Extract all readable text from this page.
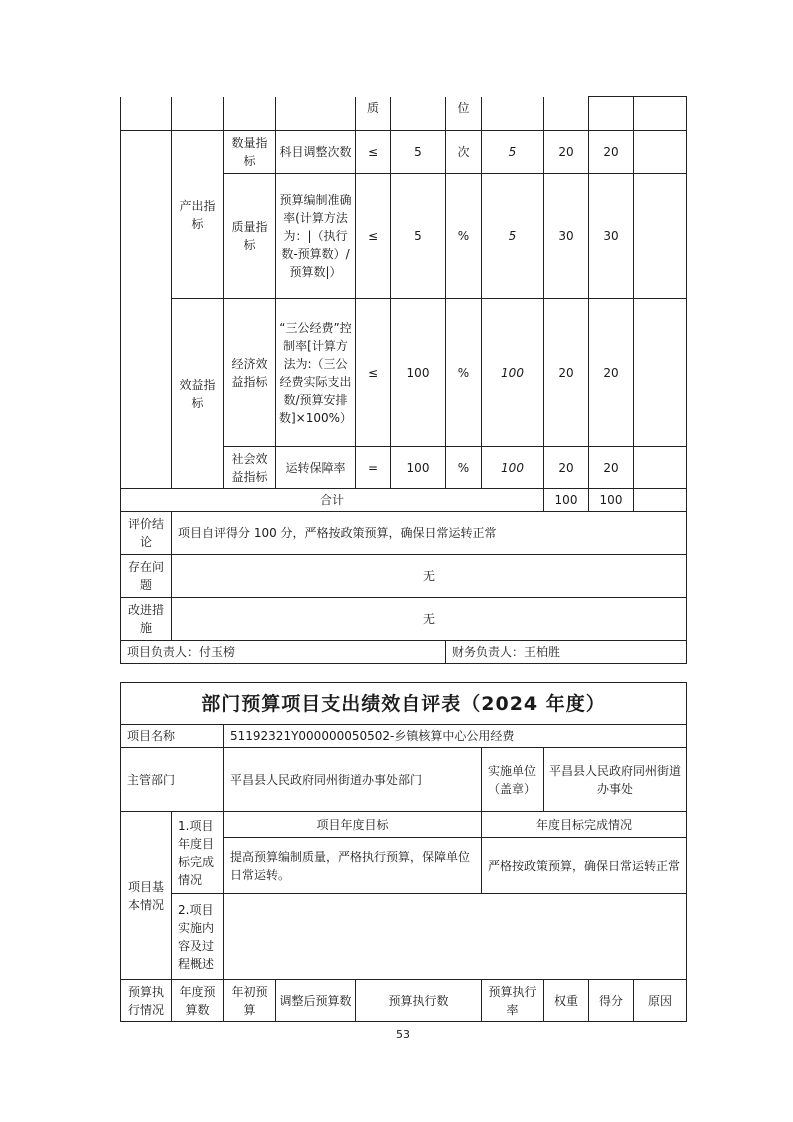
				质		位				
	产出指标	数量指标	科目调整次数	≤	5	次	5	20	20	
		质量指标	预算编制准确率(计算方法为：|（执行数-预算数）/预算数|）	≤	5	%	5	30	30	
	效益指标	经济效益指标	“三公经费”控制率[计算方法为:（三公经费实际支出数/预算安排数]×100%）	≤	100	%	100	20	20	
		社会效益指标	运转保障率	=	100	%	100	20	20	
合计								100	100	
评价结论	项目自评得分 100 分，严格按政策预算，确保日常运转正常									
存在问题	无									
改进措施	无									
项目负责人：付玉榜						财务负责人：王柏胜				
部门预算项目支出绩效自评表（2024 年度）								
项目名称		51192321Y000000050502-乡镇核算中心公用经费						
主管部门		平昌县人民政府同州街道办事处部门			实施单位（盖章）	平昌县人民政府同州街道办事处		
项目基本情况	1.项目年度目标完成情况	项目年度目标			年度目标完成情况			
		提高预算编制质量，严格执行预算，保障单位日常运转。			严格按政策预算，确保日常运转正常			
	2.项目实施内容及过程概述							
预算执行情况	年度预算数	年初预算	调整后预算数	预算执行数	预算执行率	权重	得分	原因
53
